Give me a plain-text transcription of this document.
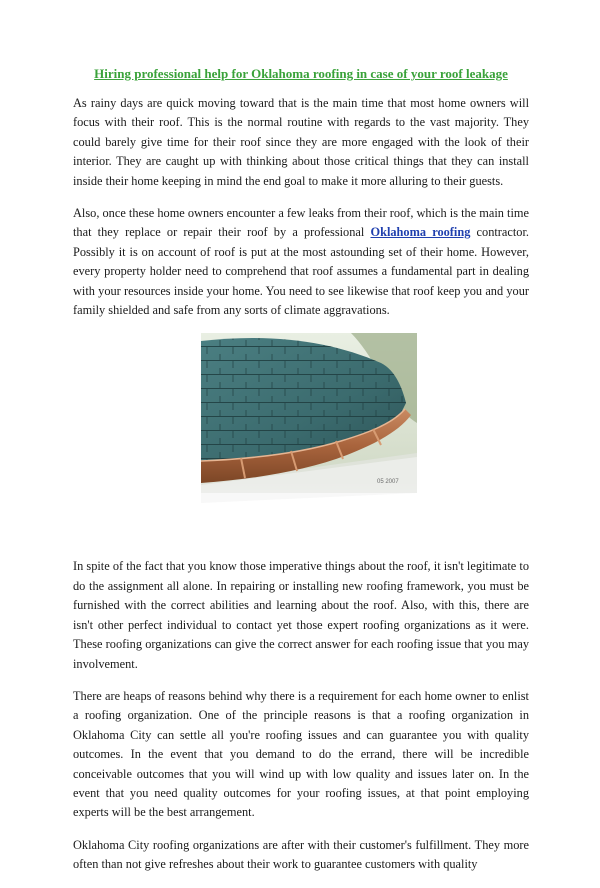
Hiring professional help for Oklahoma roofing in case of your roof leakage

As rainy days are quick moving toward that is the main time that most home owners will focus with their roof. This is the normal routine with regards to the vast majority. They could barely give time for their roof since they are more engaged with the look of their interior. They are caught up with thinking about those critical things that they can install inside their home keeping in mind the end goal to make it more alluring to their guests.

Also, once these home owners encounter a few leaks from their roof, which is the main time that they replace or repair their roof by a professional Oklahoma roofing contractor. Possibly it is on account of roof is put at the most astounding set of their home. However, every property holder need to comprehend that roof assumes a fundamental part in dealing with your resources inside your home. You need to see likewise that roof keep you and your family shielded and safe from any sorts of climate aggravations.

05 2007

In spite of the fact that you know those imperative things about the roof, it isn't legitimate to do the assignment all alone. In repairing or installing new roofing framework, you must be furnished with the correct abilities and learning about the roof. Also, with this, there are isn't other perfect individual to contact yet those expert roofing organizations as it were. These roofing organizations can give the correct answer for each roofing issue that you may involvement.

There are heaps of reasons behind why there is a requirement for each home owner to enlist a roofing organization. One of the principle reasons is that a roofing organization in Oklahoma City can settle all you're roofing issues and can guarantee you with quality outcomes. In the event that you demand to do the errand, there will be incredible conceivable outcomes that you will wind up with low quality and issues later on. In the event that you need quality outcomes for your roofing issues, at that point employing experts will be the best arrangement.

Oklahoma City roofing organizations are after with their customer's fulfillment. They more often than not give refreshes about their work to guarantee customers with quality
